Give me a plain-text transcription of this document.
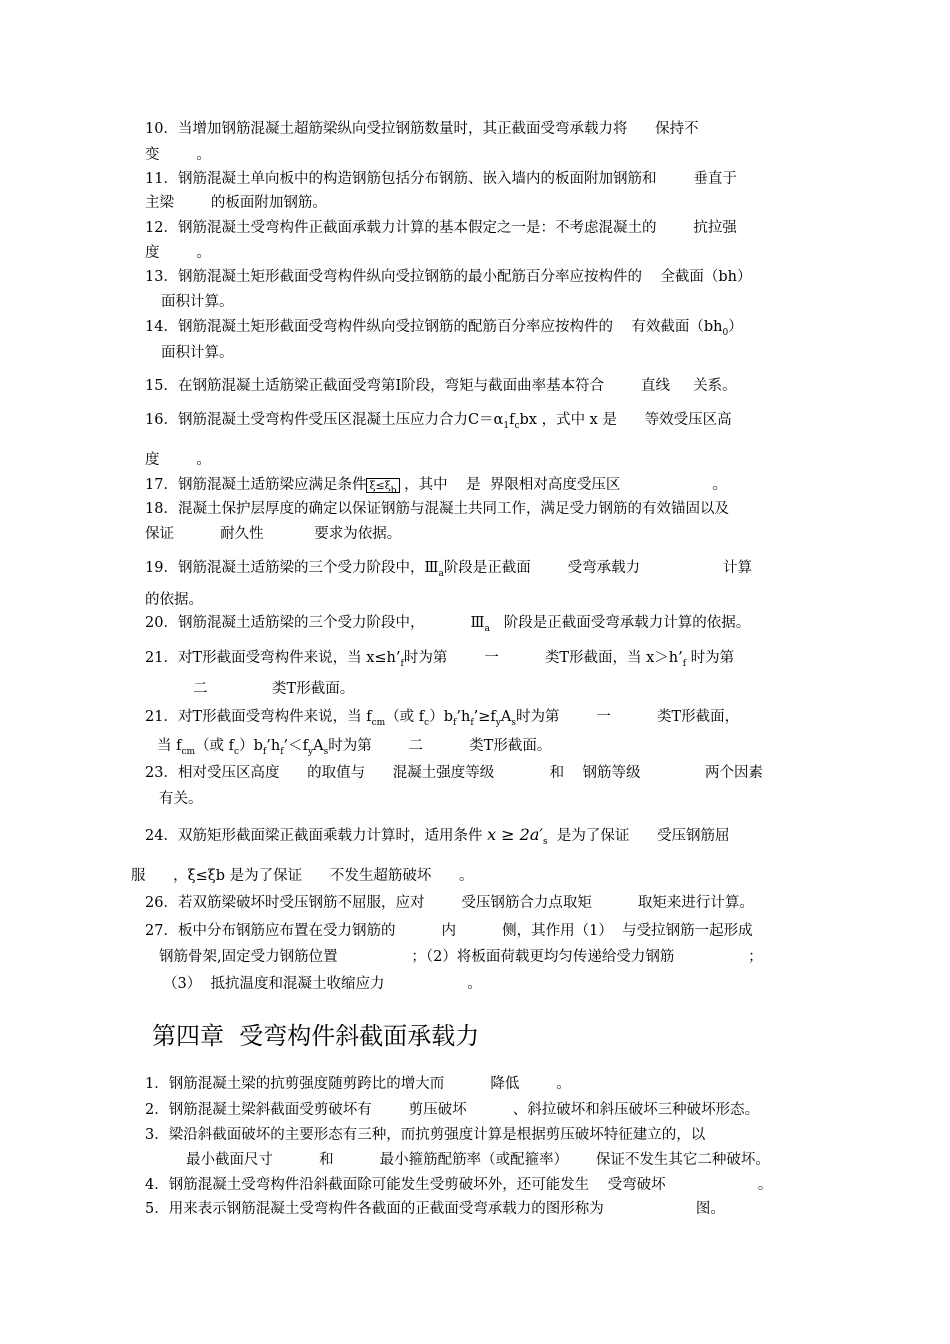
10．当增加钢筋混凝土超筋梁纵向受拉钢筋数量时，其正截面受弯承载力将      保持不
变        。
11．钢筋混凝土单向板中的构造钢筋包括分布钢筋、嵌入墙内的板面附加钢筋和        垂直于
主梁        的板面附加钢筋。
12．钢筋混凝土受弯构件正截面承载力计算的基本假定之一是：不考虑混凝土的        抗拉强
度        。
13．钢筋混凝土矩形截面受弯构件纵向受拉钢筋的最小配筋百分率应按构件的    全截面（bh）
面积计算。
14．钢筋混凝土矩形截面受弯构件纵向受拉钢筋的配筋百分率应按构件的    有效截面$(bh_0)$
面积计算。
15．在钢筋混凝土适筋梁正截面受弯第Ⅰ阶段，弯矩与截面曲率基本符合        直线     关系。
16．钢筋混凝土受弯构件受压区混凝土压应力合力$C=\alpha_1f_cbx$ ，式中 x 是      等效受压区高
度        。
17．钢筋混凝土适筋梁应满足条件 $\xi\le\xi_b$ ，其中    是  界限相对高度受压区                    。
18．混凝土保护层厚度的确定以保证钢筋与混凝土共同工作，满足受力钢筋的有效锚固以及
保证          耐久性           要求为依据。
19．钢筋混凝土适筋梁的三个受力阶段中，$Ⅲ_a$阶段是正截面        受弯承载力                  计算
的依据。
20．钢筋混凝土适筋梁的三个受力阶段中，          $Ⅲ_a$   阶段是正截面受弯承载力计算的依据。
21．对T形截面受弯构件来说，当 $x\le h’_f$时为第        一          类T形截面，当 $x>h’_f$ 时为第
二              类T形截面。
21．对T形截面受弯构件来说，当 $f_{cm}$（或 $f_c)b_f’h_f’\ge f_yA_s$时为第        一          类T形截面，
当 $f_{cm}$（或 $f_c)b_f’h_f’<f_yA_s$时为第        二          类T形截面。
23．相对受压区高度      的取值与      混凝土强度等级            和    钢筋等级              两个因素
有关。
24．双筋矩形截面梁正截面乘载力计算时，适用条件 $x \ge 2a'_s$  是为了保证      受压钢筋屈
服      ，ξ≤ξb 是为了保证      不发生超筋破坏      。
26．若双筋梁破坏时受压钢筋不屈服，应对        受压钢筋合力点取矩          取矩来进行计算。
27．板中分布钢筋应布置在受力钢筋的          内          侧，其作用（1）  与受拉钢筋一起形成
钢筋骨架,固定受力钢筋位置                ；（2）将板面荷载更均匀传递给受力钢筋                ；
（3）  抵抗温度和混凝土收缩应力                  。
第四章  受弯构件斜截面承载力
1．钢筋混凝土梁的抗剪强度随剪跨比的增大而          降低        。
2．钢筋混凝土梁斜截面受剪破坏有        剪压破坏          、斜拉破坏和斜压破坏三种破坏形态。
3．梁沿斜截面破坏的主要形态有三种，而抗剪强度计算是根据剪压破坏特征建立的，以
最小截面尺寸          和          最小箍筋配筋率（或配箍率）      保证不发生其它二种破坏。
4．钢筋混凝土受弯构件沿斜截面除可能发生受剪破坏外，还可能发生    受弯破坏                    。
5．用来表示钢筋混凝土受弯构件各截面的正截面受弯承载力的图形称为                    图。
